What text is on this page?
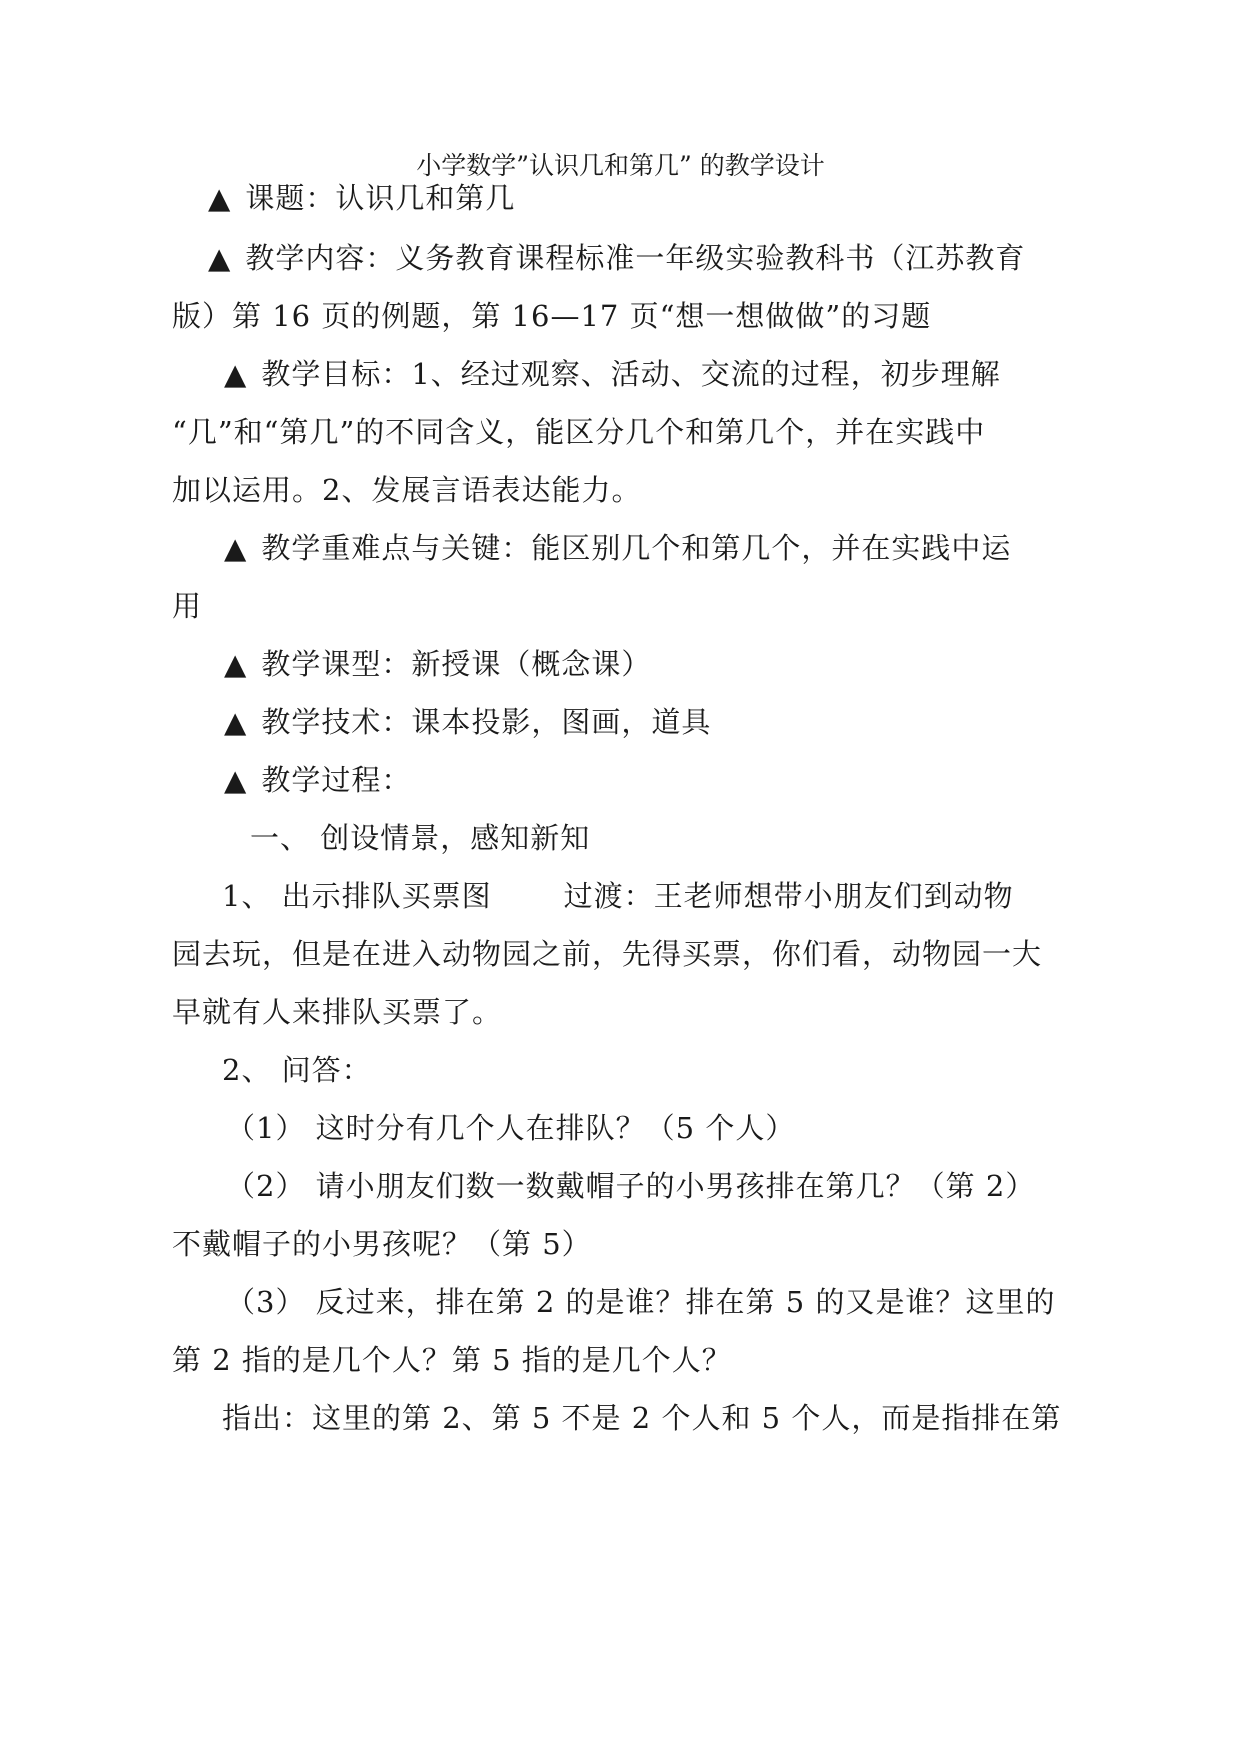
小学数学”认识几和第几” 的教学设计
▲ 课题：认识几和第几
▲ 教学内容：义务教育课程标准一年级实验教科书（江苏教育
版）第 16 页的例题，第 16—17 页“想一想做做”的习题
▲ 教学目标：1、经过观察、活动、交流的过程，初步理解
“几”和“第几”的不同含义，能区分几个和第几个，并在实践中
加以运用。2、发展言语表达能力。
▲ 教学重难点与关键：能区别几个和第几个，并在实践中运
用
▲ 教学课型：新授课（概念课）
▲ 教学技术：课本投影，图画，道具
▲ 教学过程：
一、 创设情景，感知新知
1、 出示排队买票图 过渡：王老师想带小朋友们到动物
园去玩，但是在进入动物园之前，先得买票，你们看，动物园一大
早就有人来排队买票了。
2、 问答：
（1） 这时分有几个人在排队？（5 个人）
（2） 请小朋友们数一数戴帽子的小男孩排在第几？（第 2）
不戴帽子的小男孩呢？（第 5）
（3） 反过来，排在第 2 的是谁？排在第 5 的又是谁？这里的
第 2 指的是几个人？第 5 指的是几个人？
指出：这里的第 2、第 5 不是 2 个人和 5 个人，而是指排在第
